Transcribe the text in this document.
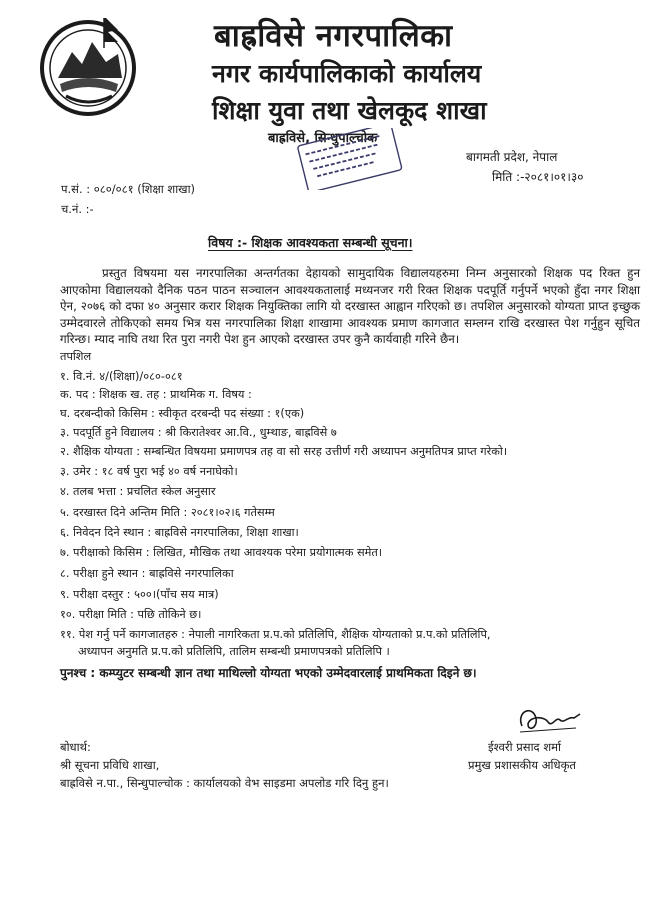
बाह्रविसे नगरपालिका
नगर कार्यपालिकाको कार्यालय
शिक्षा युवा तथा खेलकूद शाखा
बाह्रविसे, सिन्धुपाल्चोक
बागमती प्रदेश, नेपाल
मिति :-२०८१।०१।३०
प.सं. : ०८०/०८१ (शिक्षा शाखा)
च.नं. :-
विषय :- शिक्षक आवश्यकता सम्बन्धी सूचना।
प्रस्तुत विषयमा यस नगरपालिका अन्तर्गतका देहायको सामुदायिक विद्यालयहरुमा निम्न अनुसारको शिक्षक पद रिक्त हुन आएकोमा विद्यालयको दैनिक पठन पाठन सञ्चालन आवश्यकतालाई मध्यनजर गरी रिक्त शिक्षक पदपूर्ति गर्नुपर्ने भएको हुँदा नगर शिक्षा ऐन, २०७६ को दफा ४० अनुसार करार शिक्षक नियुक्तिका लागि यो दरखास्त आह्वान गरिएको छ। तपशिल अनुसारको योग्यता प्राप्त इच्छुक उम्मेदवारले तोकिएको समय भित्र यस नगरपालिका शिक्षा शाखामा आवश्यक प्रमाण कागजात सम्लग्न राखि दरखास्त पेश गर्नुहुन सूचित गरिन्छ। म्याद नाघि तथा रित पुरा नगरी पेश हुन आएको दरखास्त उपर कुनै कार्यवाही गरिने छैन।
तपशिल
१. वि.नं. ४/(शिक्षा)/०८०-०८१
क. पद : शिक्षक ख. तह : प्राथमिक ग. विषय :
घ. दरबन्दीको किसिम : स्वीकृत दरबन्दी पद संख्या : १(एक)
३. पदपूर्ति हुने विद्यालय : श्री किरातेश्वर आ.वि., धुम्थाङ, बाह्रविसे ७
२. शैक्षिक योग्यता : सम्बन्धित विषयमा प्रमाणपत्र तह वा सो सरह उत्तीर्ण गरी अध्यापन अनुमतिपत्र प्राप्त गरेको।
३. उमेर : १८ वर्ष पुरा भई ४० वर्ष ननाघेको।
४. तलब भत्ता : प्रचलित स्केल अनुसार
५. दरखास्त दिने अन्तिम मिति : २०८१।०२।६ गतेसम्म
६. निवेदन दिने स्थान : बाह्रविसे नगरपालिका, शिक्षा शाखा।
७. परीक्षाको किसिम : लिखित, मौखिक तथा आवश्यक परेमा प्रयोगात्मक समेत।
८. परीक्षा हुने स्थान : बाह्रविसे नगरपालिका
९. परीक्षा दस्तुर : ५००।(पाँच सय मात्र)
१०. परीक्षा मिति : पछि तोकिने छ।
११. पेश गर्नु पर्ने कागजातहरु : नेपाली नागरिकता प्र.प.को प्रतिलिपि, शैक्षिक योग्यताको प्र.प.को प्रतिलिपि,
अध्यापन अनुमति प्र.प.को प्रतिलिपि, तालिम सम्बन्धी प्रमाणपत्रको प्रतिलिपि ।
पुनश्च : कम्प्युटर सम्बन्धी ज्ञान तथा माथिल्लो योग्यता भएको उम्मेदवारलाई प्राथमिकता दिइने छ।
ईश्वरी प्रसाद शर्मा
प्रमुख प्रशासकीय अधिकृत
बोधार्थ:
श्री सूचना प्रविधि शाखा,
बाह्रविसे न.पा., सिन्धुपाल्चोक : कार्यालयको वेभ साइडमा अपलोड गरि दिनु हुन।
